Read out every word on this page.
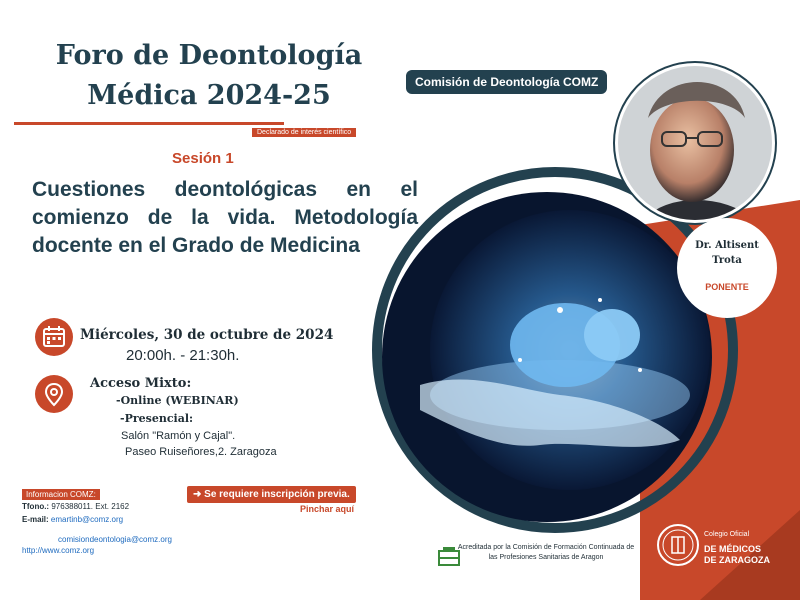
Foro de Deontología
Médica 2024-25
Declarado de interés científico
Comisión de Deontología COMZ
Sesión 1
Cuestiones deontológicas en el comienzo de la vida. Metodología docente en el Grado de Medicina	Dr. Altisent
Trota
PONENTE
Miércoles, 30 de octubre de 2024
20:00h. - 21:30h.
Acceso Mixto:
-Online (WEBINAR)
-Presencial:
Salón "Ramón y Cajal".
Paseo Ruiseñores,2. Zaragoza
Informacion COMZ:
Tfono.: 976388011. Ext. 2162
E-mail: emartinb@comz.org
comisiondeontologia@comz.org
http://www.comz.org
➜ Se requiere inscripción previa.
Pinchar aquí
Acreditada por la Comisión de Formación Continuada de las Profesiones Sanitarias de Aragon
Colegio Oficial
DE MÉDICOS
DE ZARAGOZA
